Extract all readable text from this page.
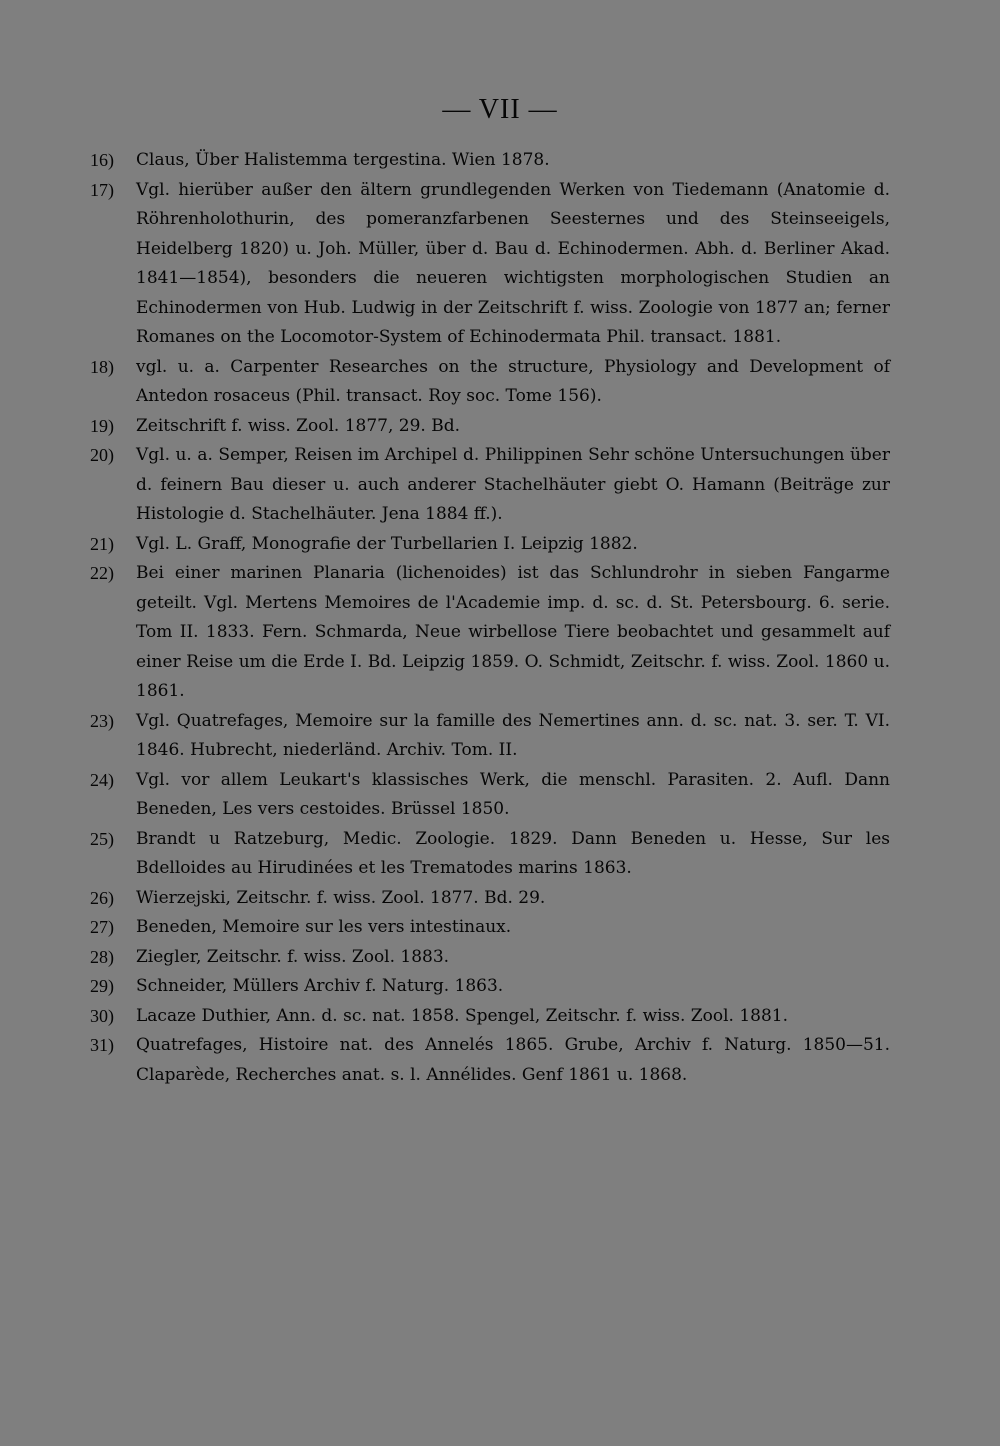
— VII —
16)	Claus, Über Halistemma tergestina. Wien 1878.
17)	Vgl. hierüber außer den ältern grundlegenden Werken von Tiedemann (Anatomie d. Röhrenholothurin, des pomeranzfarbenen Seesternes und des Steinseeigels, Heidelberg 1820) u. Joh. Müller, über d. Bau d. Echinodermen. Abh. d. Berliner Akad. 1841—1854), besonders die neueren wichtigsten morphologischen Studien an Echinodermen von Hub. Ludwig in der Zeitschrift f. wiss. Zoologie von 1877 an; ferner Romanes on the Locomotor-System of Echinodermata Phil. transact. 1881.
18)	vgl. u. a. Carpenter Researches on the structure, Physiology and Development of Antedon rosaceus (Phil. transact. Roy soc. Tome 156).
19)	Zeitschrift f. wiss. Zool. 1877, 29. Bd.
20)	Vgl. u. a. Semper, Reisen im Archipel d. Philippinen Sehr schöne Untersuchungen über d. feinern Bau dieser u. auch anderer Stachelhäuter giebt O. Hamann (Beiträge zur Histologie d. Stachelhäuter. Jena 1884 ff.).
21)	Vgl. L. Graff, Monografie der Turbellarien I. Leipzig 1882.
22)	Bei einer marinen Planaria (lichenoides) ist das Schlundrohr in sieben Fangarme geteilt. Vgl. Mertens Memoires de l'Academie imp. d. sc. d. St. Petersbourg. 6. serie. Tom II. 1833. Fern. Schmarda, Neue wirbellose Tiere beobachtet und gesammelt auf einer Reise um die Erde I. Bd. Leipzig 1859. O. Schmidt, Zeitschr. f. wiss. Zool. 1860 u. 1861.
23)	Vgl. Quatrefages, Memoire sur la famille des Nemertines ann. d. sc. nat. 3. ser. T. VI. 1846. Hubrecht, niederländ. Archiv. Tom. II.
24)	Vgl. vor allem Leukart's klassisches Werk, die menschl. Parasiten. 2. Aufl. Dann Beneden, Les vers cestoides. Brüssel 1850.
25)	Brandt u Ratzeburg, Medic. Zoologie. 1829. Dann Beneden u. Hesse, Sur les Bdelloides au Hirudinées et les Trematodes marins 1863.
26)	Wierzejski, Zeitschr. f. wiss. Zool. 1877. Bd. 29.
27)	Beneden, Memoire sur les vers intestinaux.
28)	Ziegler, Zeitschr. f. wiss. Zool. 1883.
29)	Schneider, Müllers Archiv f. Naturg. 1863.
30)	Lacaze Duthier, Ann. d. sc. nat. 1858. Spengel, Zeitschr. f. wiss. Zool. 1881.
31)	Quatrefages, Histoire nat. des Annelés 1865. Grube, Archiv f. Naturg. 1850—51. Claparède, Recherches anat. s. l. Annélides. Genf 1861 u. 1868.
